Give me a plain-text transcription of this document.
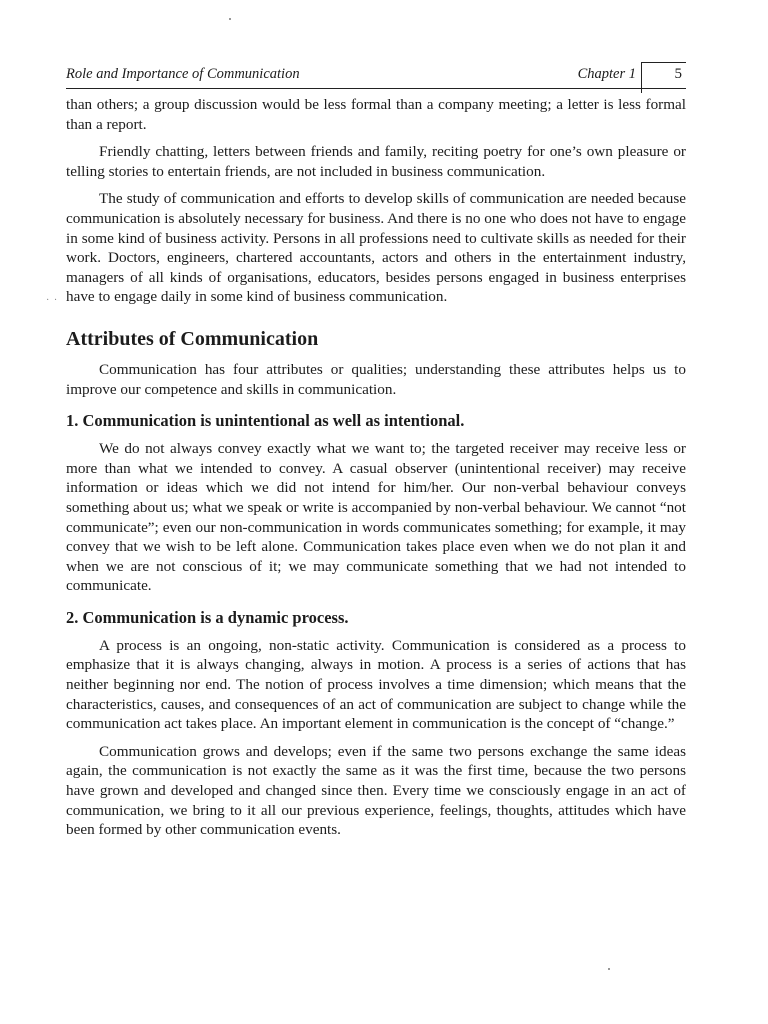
· ·
Role and Importance of Communication	Chapter 1	5

than others; a group discussion would be less formal than a company meeting; a letter is less formal than a report.

Friendly chatting, letters between friends and family, reciting poetry for one’s own pleasure or telling stories to entertain friends, are not included in business communication.

The study of communication and efforts to develop skills of communication are needed because communication is absolutely necessary for business. And there is no one who does not have to engage in some kind of business activity. Persons in all professions need to cultivate skills as needed for their work. Doctors, engineers, chartered accountants, actors and others in the entertainment industry, managers of all kinds of organisations, educators, besides persons engaged in business enterprises have to engage daily in some kind of business communication.

Attributes of Communication

Communication has four attributes or qualities; understanding these attributes helps us to improve our competence and skills in communication.

1. Communication is unintentional as well as intentional.

We do not always convey exactly what we want to; the targeted receiver may receive less or more than what we intended to convey. A casual observer (unintentional receiver) may receive information or ideas which we did not intend for him/her. Our non-verbal behaviour conveys something about us; what we speak or write is accompanied by non-verbal behaviour. We cannot “not communicate”; even our non-communication in words communicates something; for example, it may convey that we wish to be left alone. Communication takes place even when we do not plan it and when we are not conscious of it; we may communicate something that we had not intended to communicate.

2. Communication is a dynamic process.

A process is an ongoing, non-static activity. Communication is considered as a process to emphasize that it is always changing, always in motion. A process is a series of actions that has neither beginning nor end. The notion of process involves a time dimension; which means that the characteristics, causes, and consequences of an act of communication are subject to change while the communication act takes place. An important element in communication is the concept of “change.”

Communication grows and develops; even if the same two persons exchange the same ideas again, the communication is not exactly the same as it was the first time, because the two persons have grown and developed and changed since then. Every time we consciously engage in an act of communication, we bring to it all our previous experience, feelings, thoughts, attitudes which have been formed by other communication events.
